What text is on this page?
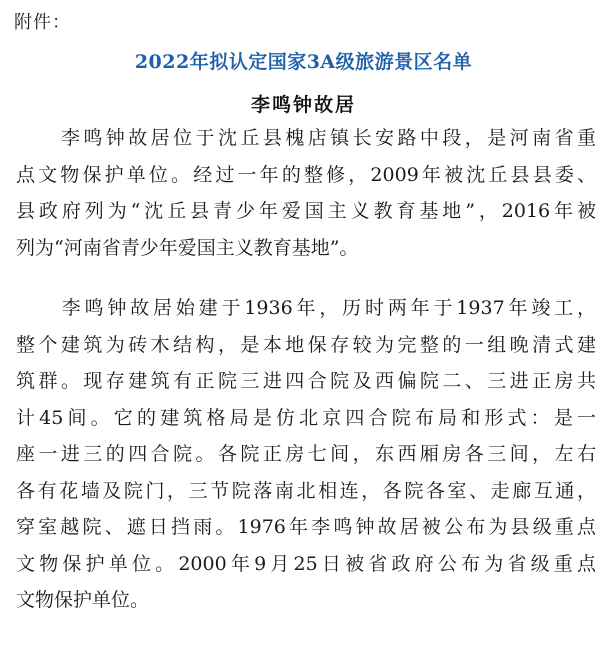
附件：
2022年拟认定国家3A级旅游景区名单
李鸣钟故居
　　李鸣钟故居位于沈丘县槐店镇长安路中段，是河南省重
点文物保护单位。经过一年的整修，2009年被沈丘县县委、
县政府列为“沈丘县青少年爱国主义教育基地”，2016年被
列为“河南省青少年爱国主义教育基地”。
　　李鸣钟故居始建于1936年，历时两年于1937年竣工，
整个建筑为砖木结构，是本地保存较为完整的一组晚清式建
筑群。现存建筑有正院三进四合院及西偏院二、三进正房共
计45间。它的建筑格局是仿北京四合院布局和形式：是一
座一进三的四合院。各院正房七间，东西厢房各三间，左右
各有花墙及院门，三节院落南北相连，各院各室、走廊互通，
穿室越院、遮日挡雨。1976年李鸣钟故居被公布为县级重点
文物保护单位。2000年9月25日被省政府公布为省级重点
文物保护单位。
